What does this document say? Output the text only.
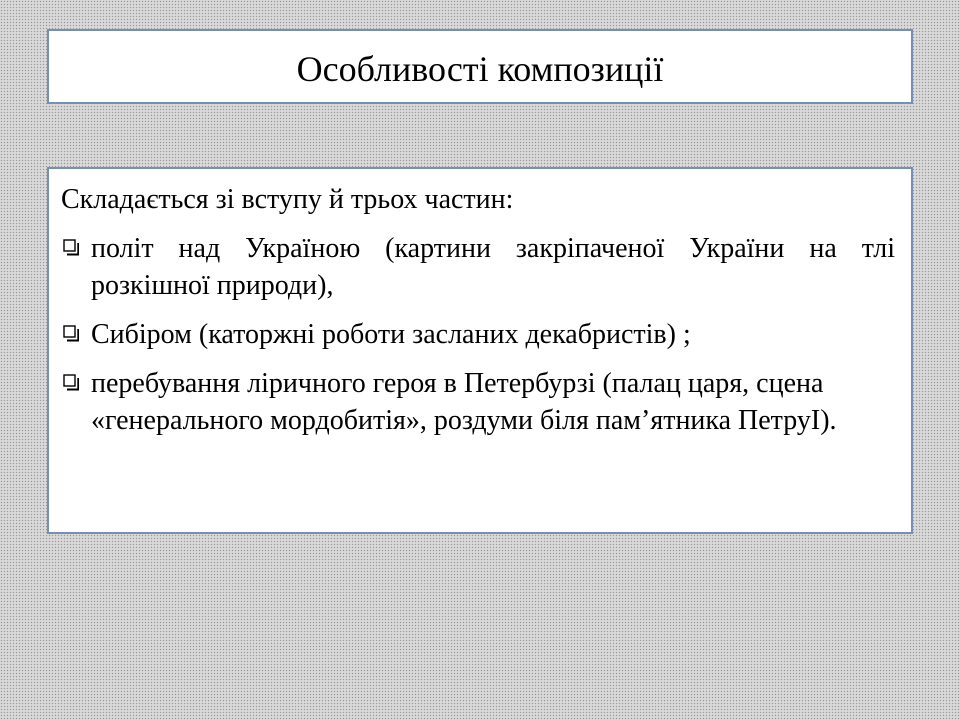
Особливості композиції

Складається зі вступу й трьох частин:

політ над Україною (картини закріпаченої України на тлі розкішної природи),
Сибіром (каторжні роботи засланих декабристів) ;
перебування ліричного героя в Петербурзі (палац царя, сцена «генерального мордобитія», роздуми біля пам’ятника ПетруІ).
